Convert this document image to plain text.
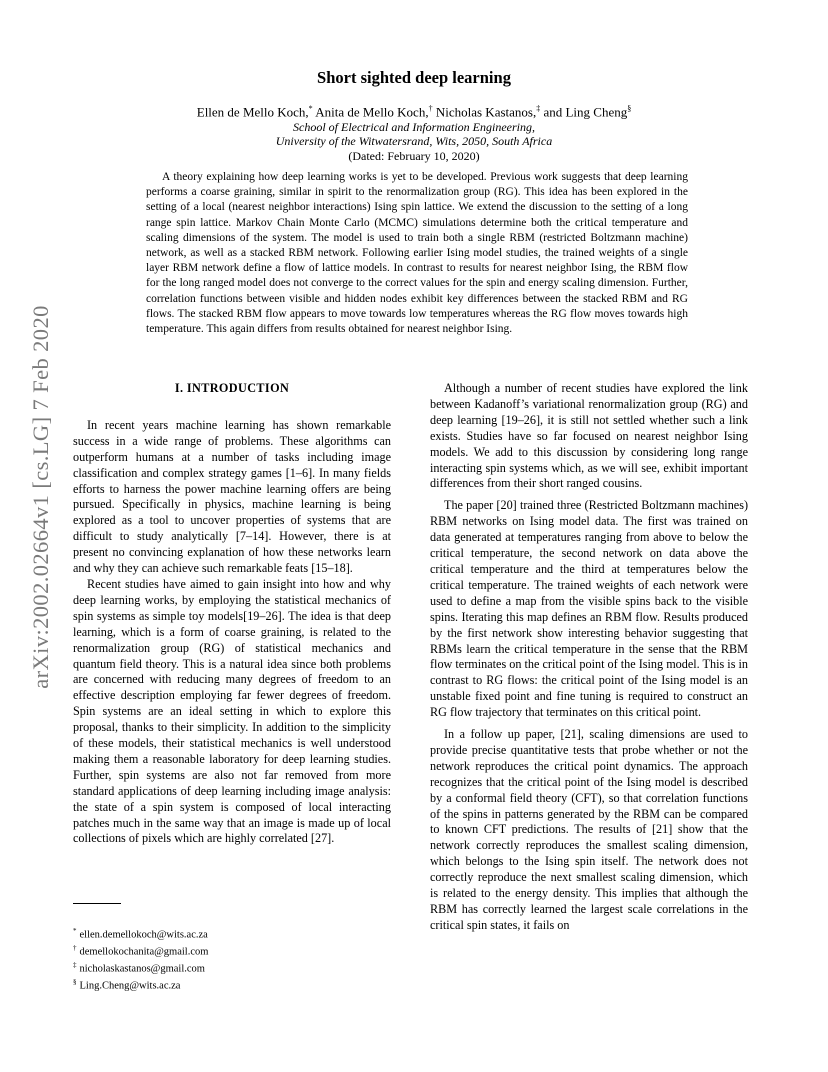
arXiv:2002.02664v1 [cs.LG] 7 Feb 2020
Short sighted deep learning
Ellen de Mello Koch,* Anita de Mello Koch,† Nicholas Kastanos,‡ and Ling Cheng§
School of Electrical and Information Engineering,
University of the Witwatersrand, Wits, 2050, South Africa
(Dated: February 10, 2020)

A theory explaining how deep learning works is yet to be developed. Previous work suggests that deep learning performs a coarse graining, similar in spirit to the renormalization group (RG). This idea has been explored in the setting of a local (nearest neighbor interactions) Ising spin lattice. We extend the discussion to the setting of a long range spin lattice. Markov Chain Monte Carlo (MCMC) simulations determine both the critical temperature and scaling dimensions of the system. The model is used to train both a single RBM (restricted Boltzmann machine) network, as well as a stacked RBM network. Following earlier Ising model studies, the trained weights of a single layer RBM network define a flow of lattice models. In contrast to results for nearest neighbor Ising, the RBM flow for the long ranged model does not converge to the correct values for the spin and energy scaling dimension. Further, correlation functions between visible and hidden nodes exhibit key differences between the stacked RBM and RG flows. The stacked RBM flow appears to move towards low temperatures whereas the RG flow moves towards high temperature. This again differs from results obtained for nearest neighbor Ising.

I. INTRODUCTION

In recent years machine learning has shown remarkable success in a wide range of problems. These algorithms can outperform humans at a number of tasks including image classification and complex strategy games [1–6]. In many fields efforts to harness the power machine learning offers are being pursued. Specifically in physics, machine learning is being explored as a tool to uncover properties of systems that are difficult to study analytically [7–14]. However, there is at present no convincing explanation of how these networks learn and why they can achieve such remarkable feats [15–18].

Recent studies have aimed to gain insight into how and why deep learning works, by employing the statistical mechanics of spin systems as simple toy models[19–26]. The idea is that deep learning, which is a form of coarse graining, is related to the renormalization group (RG) of statistical mechanics and quantum field theory. This is a natural idea since both problems are concerned with reducing many degrees of freedom to an effective description employing far fewer degrees of freedom. Spin systems are an ideal setting in which to explore this proposal, thanks to their simplicity. In addition to the simplicity of these models, their statistical mechanics is well understood making them a reasonable laboratory for deep learning studies. Further, spin systems are also not far removed from more standard applications of deep learning including image analysis: the state of a spin system is composed of local interacting patches much in the same way that an image is made up of local collections of pixels which are highly correlated [27].

Although a number of recent studies have explored the link between Kadanoff’s variational renormalization group (RG) and deep learning [19–26], it is still not settled whether such a link exists. Studies have so far focused on nearest neighbor Ising models. We add to this discussion by considering long range interacting spin systems which, as we will see, exhibit important differences from their short ranged cousins.

The paper [20] trained three (Restricted Boltzmann machines) RBM networks on Ising model data. The first was trained on data generated at temperatures ranging from above to below the critical temperature, the second network on data above the critical temperature and the third at temperatures below the critical temperature. The trained weights of each network were used to define a map from the visible spins back to the visible spins. Iterating this map defines an RBM flow. Results produced by the first network show interesting behavior suggesting that RBMs learn the critical temperature in the sense that the RBM flow terminates on the critical point of the Ising model. This is in contrast to RG flows: the critical point of the Ising model is an unstable fixed point and fine tuning is required to construct an RG flow trajectory that terminates on this critical point.

In a follow up paper, [21], scaling dimensions are used to provide precise quantitative tests that probe whether or not the network reproduces the critical point dynamics. The approach recognizes that the critical point of the Ising model is described by a conformal field theory (CFT), so that correlation functions of the spins in patterns generated by the RBM can be compared to known CFT predictions. The results of [21] show that the network correctly reproduces the smallest scaling dimension, which belongs to the Ising spin itself. The network does not correctly reproduce the next smallest scaling dimension, which is related to the energy density. This implies that although the RBM has correctly learned the largest scale correlations in the critical spin states, it fails on

* ellen.demellokoch@wits.ac.za
† demellokochanita@gmail.com
‡ nicholaskastanos@gmail.com
§ Ling.Cheng@wits.ac.za
